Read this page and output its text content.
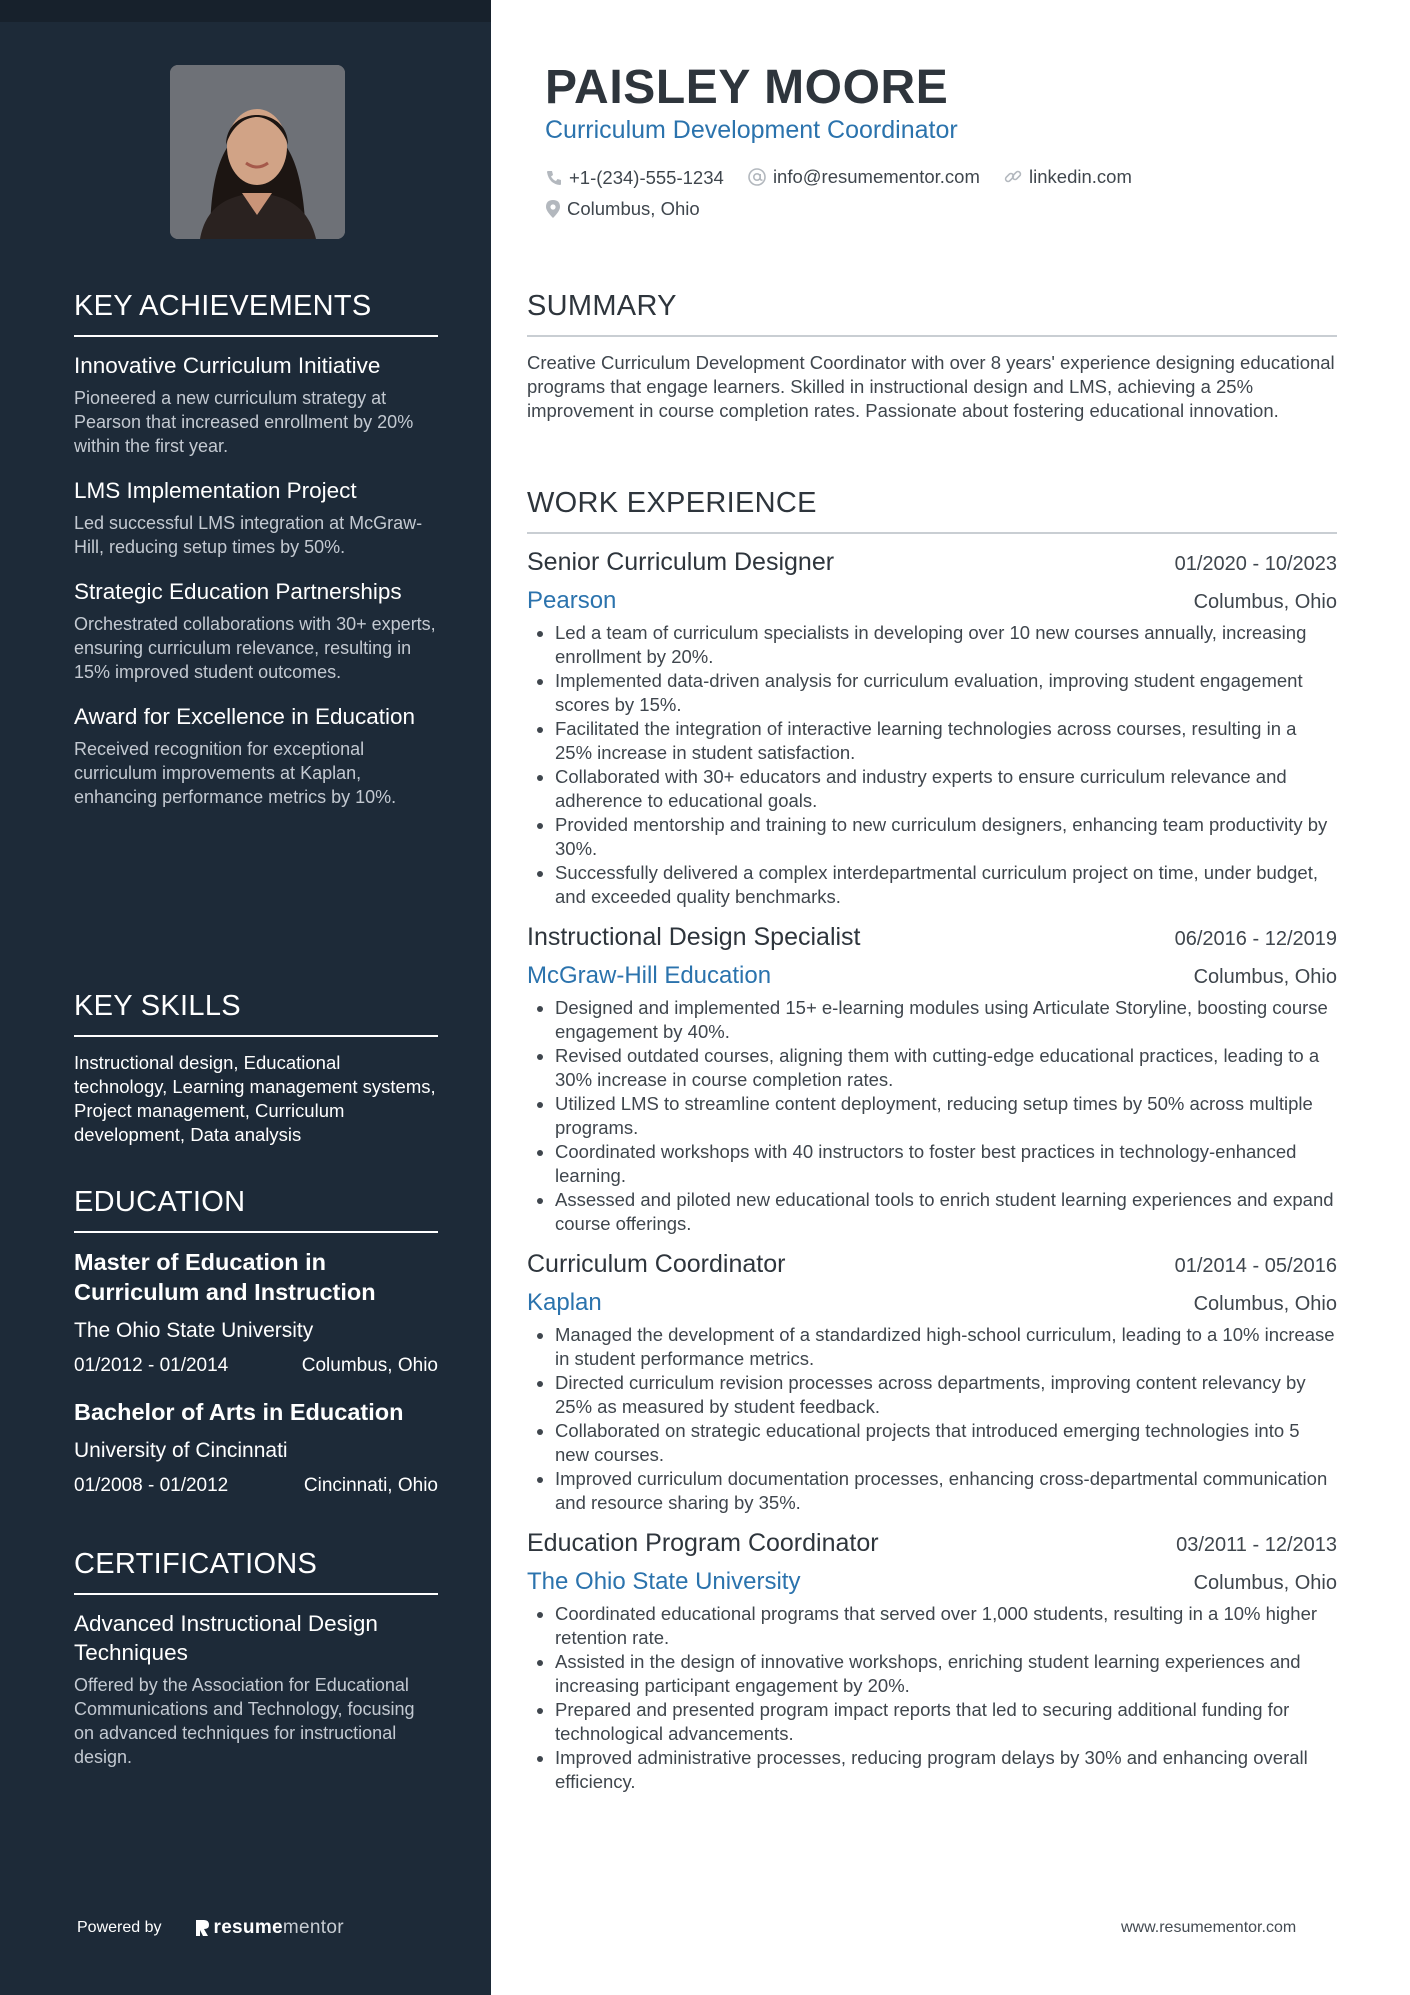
KEY ACHIEVEMENTS
Innovative Curriculum Initiative
Pioneered a new curriculum strategy at Pearson that increased enrollment by 20% within the first year.
LMS Implementation Project
Led successful LMS integration at McGraw-Hill, reducing setup times by 50%.
Strategic Education Partnerships
Orchestrated collaborations with 30+ experts, ensuring curriculum relevance, resulting in 15% improved student outcomes.
Award for Excellence in Education
Received recognition for exceptional curriculum improvements at Kaplan, enhancing performance metrics by 10%.
KEY SKILLS
Instructional design, Educational technology, Learning management systems, Project management, Curriculum development, Data analysis
EDUCATION
Master of Education in Curriculum and Instruction
The Ohio State University
01/2012 - 01/2014	Columbus, Ohio
Bachelor of Arts in Education
University of Cincinnati
01/2008 - 01/2012	Cincinnati, Ohio
CERTIFICATIONS
Advanced Instructional Design Techniques
Offered by the Association for Educational Communications and Technology, focusing on advanced techniques for instructional design.
Powered by	resume mentor
PAISLEY MOORE
Curriculum Development Coordinator
+1-(234)-555-1234
	info@resumementor.com
	linkedin.com

Columbus, Ohio
SUMMARY
Creative Curriculum Development Coordinator with over 8 years' experience designing educational programs that engage learners. Skilled in instructional design and LMS, achieving a 25% improvement in course completion rates. Passionate about fostering educational innovation.
WORK EXPERIENCE
Senior Curriculum Designer	01/2020 - 10/2023
Pearson	Columbus, Ohio
• Led a team of curriculum specialists in developing over 10 new courses annually, increasing enrollment by 20%.
• Implemented data-driven analysis for curriculum evaluation, improving student engagement scores by 15%.
• Facilitated the integration of interactive learning technologies across courses, resulting in a 25% increase in student satisfaction.
• Collaborated with 30+ educators and industry experts to ensure curriculum relevance and adherence to educational goals.
• Provided mentorship and training to new curriculum designers, enhancing team productivity by 30%.
• Successfully delivered a complex interdepartmental curriculum project on time, under budget, and exceeded quality benchmarks.
Instructional Design Specialist	06/2016 - 12/2019
McGraw-Hill Education	Columbus, Ohio
• Designed and implemented 15+ e-learning modules using Articulate Storyline, boosting course engagement by 40%.
• Revised outdated courses, aligning them with cutting-edge educational practices, leading to a 30% increase in course completion rates.
• Utilized LMS to streamline content deployment, reducing setup times by 50% across multiple programs.
• Coordinated workshops with 40 instructors to foster best practices in technology-enhanced learning.
• Assessed and piloted new educational tools to enrich student learning experiences and expand course offerings.
Curriculum Coordinator	01/2014 - 05/2016
Kaplan	Columbus, Ohio
• Managed the development of a standardized high-school curriculum, leading to a 10% increase in student performance metrics.
• Directed curriculum revision processes across departments, improving content relevancy by 25% as measured by student feedback.
• Collaborated on strategic educational projects that introduced emerging technologies into 5 new courses.
• Improved curriculum documentation processes, enhancing cross-departmental communication and resource sharing by 35%.
Education Program Coordinator	03/2011 - 12/2013
The Ohio State University	Columbus, Ohio
• Coordinated educational programs that served over 1,000 students, resulting in a 10% higher retention rate.
• Assisted in the design of innovative workshops, enriching student learning experiences and increasing participant engagement by 20%.
• Prepared and presented program impact reports that led to securing additional funding for technological advancements.
• Improved administrative processes, reducing program delays by 30% and enhancing overall efficiency.
www.resumementor.com
